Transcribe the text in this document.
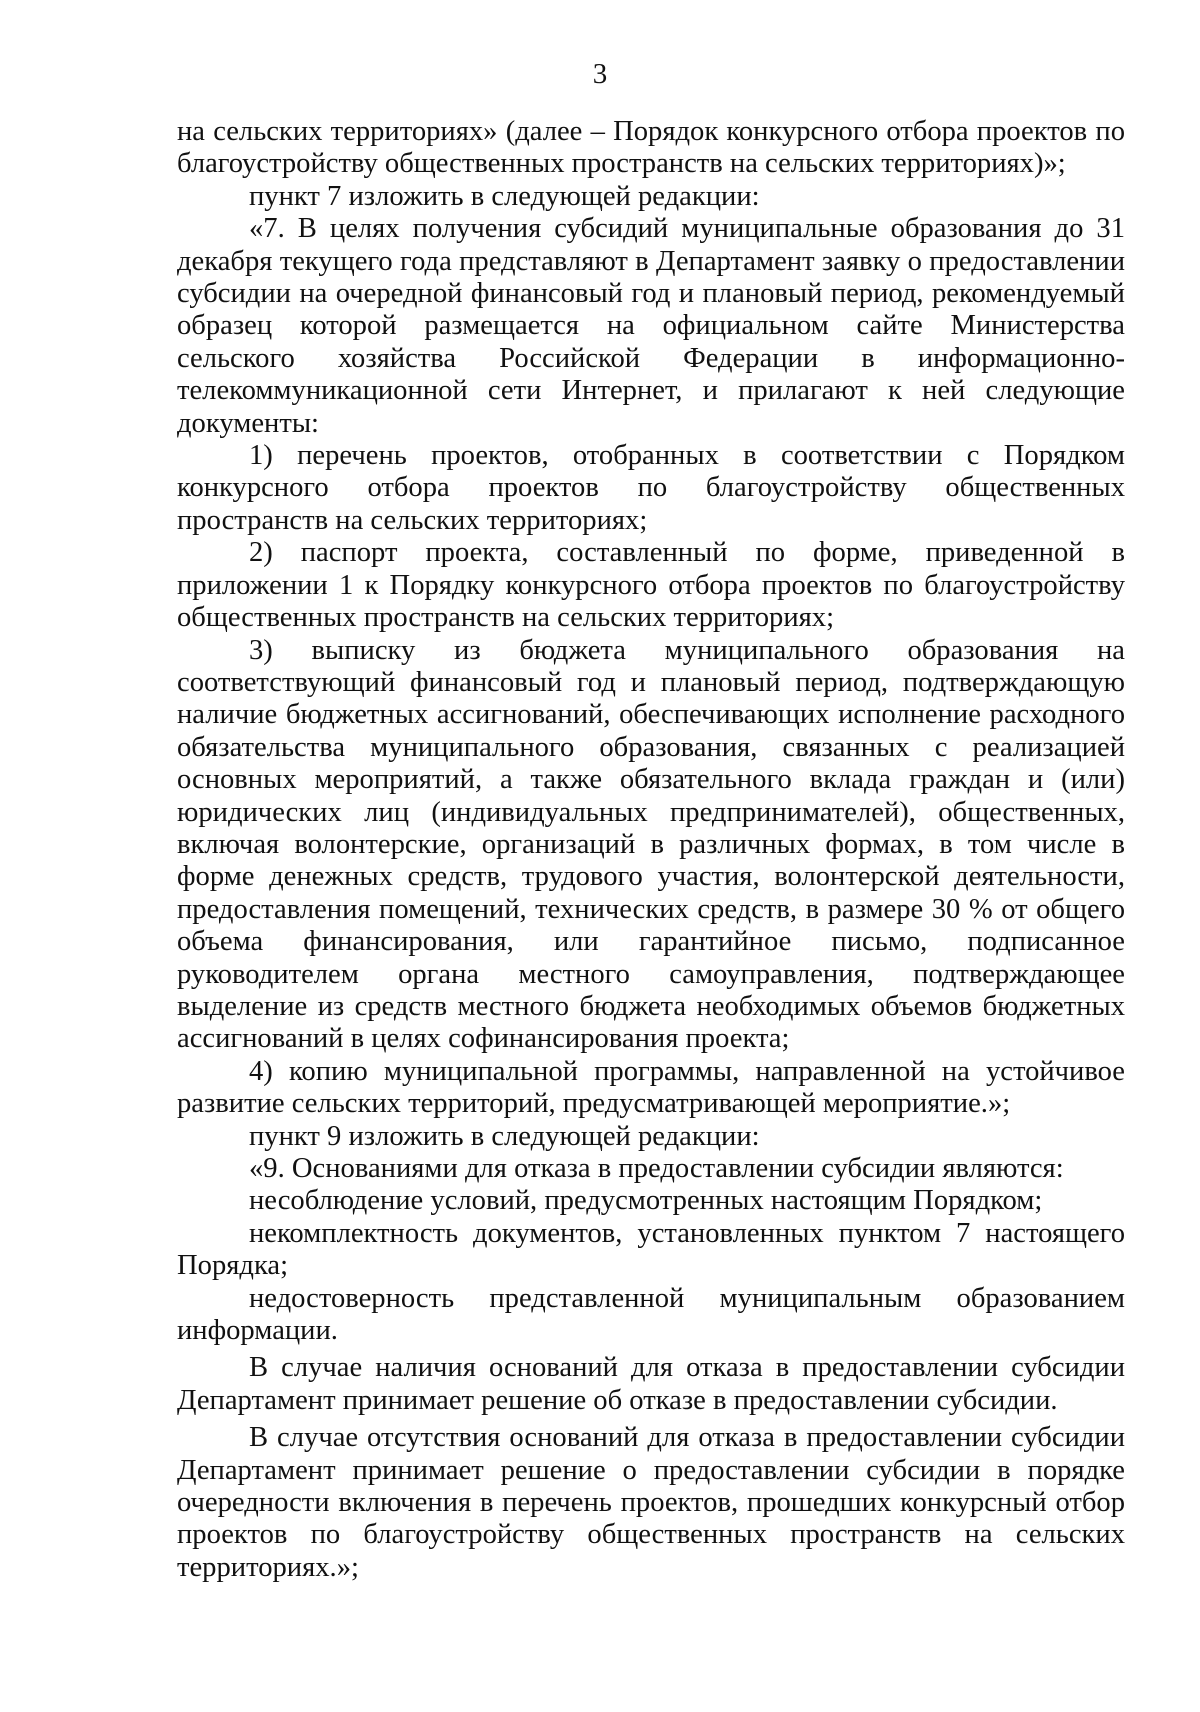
3

на сельских территориях» (далее – Порядок конкурсного отбора проектов по благоустройству общественных пространств на сельских территориях)»;

пункт 7 изложить в следующей редакции:

«7. В целях получения субсидий муниципальные образования до 31 декабря текущего года представляют в Департамент заявку о предоставлении субсидии на очередной финансовый год и плановый период, рекомендуемый образец которой размещается на официальном сайте Министерства сельского хозяйства Российской Федерации в информационно-телекоммуникационной сети Интернет, и прилагают к ней следующие документы:

1) перечень проектов, отобранных в соответствии с Порядком конкурсного отбора проектов по благоустройству общественных пространств на сельских территориях;

2) паспорт проекта, составленный по форме, приведенной в приложении 1 к Порядку конкурсного отбора проектов по благоустройству общественных пространств на сельских территориях;

3) выписку из бюджета муниципального образования на соответствующий финансовый год и плановый период, подтверждающую наличие бюджетных ассигнований, обеспечивающих исполнение расходного обязательства муниципального образования, связанных с реализацией основных мероприятий, а также обязательного вклада граждан и (или) юридических лиц (индивидуальных предпринимателей), общественных, включая волонтерские, организаций в различных формах, в том числе в форме денежных средств, трудового участия, волонтерской деятельности, предоставления помещений, технических средств, в размере 30 % от общего объема финансирования, или гарантийное письмо, подписанное руководителем органа местного самоуправления, подтверждающее выделение из средств местного бюджета необходимых объемов бюджетных ассигнований в целях софинансирования проекта;

4) копию муниципальной программы, направленной на устойчивое развитие сельских территорий, предусматривающей мероприятие.»;

пункт 9 изложить в следующей редакции:

«9. Основаниями для отказа в предоставлении субсидии являются:

несоблюдение условий, предусмотренных настоящим Порядком;

некомплектность документов, установленных пунктом 7 настоящего Порядка;

недостоверность представленной муниципальным образованием информации.

В случае наличия оснований для отказа в предоставлении субсидии Департамент принимает решение об отказе в предоставлении субсидии.

В случае отсутствия оснований для отказа в предоставлении субсидии Департамент принимает решение о предоставлении субсидии в порядке очередности включения в перечень проектов, прошедших конкурсный отбор проектов по благоустройству общественных пространств на сельских территориях.»;
